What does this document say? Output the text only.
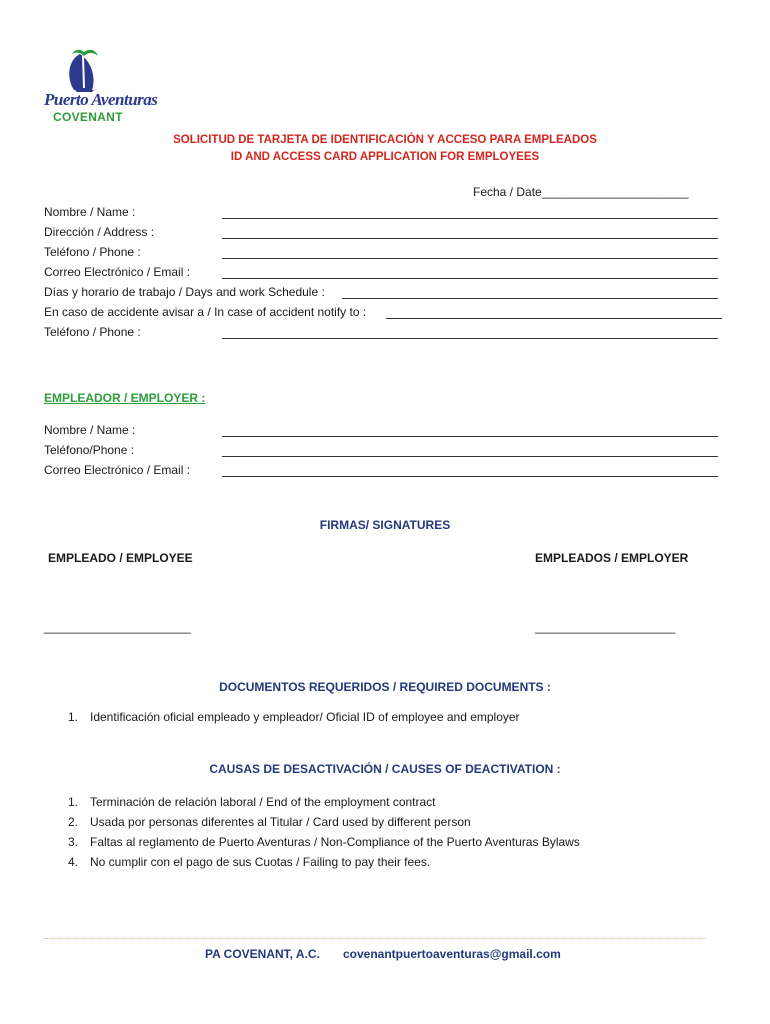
Puerto Aventuras
COVENANT
SOLICITUD DE TARJETA DE IDENTIFICACIÓN Y ACCESO PARA EMPLEADOS
ID AND ACCESS CARD APPLICATION FOR EMPLOYEES
Fecha / Date______________________
Nombre / Name :
Dirección / Address :
Teléfono / Phone :
Correo Electrónico / Email :
Días y horario de trabajo / Days and work Schedule :
En caso de accidente avisar a / In case of accident notify to :
Teléfono / Phone :
EMPLEADOR / EMPLOYER :
Nombre / Name :
Teléfono/Phone :
Correo Electrónico / Email :
FIRMAS/ SIGNATURES
EMPLEADO / EMPLOYEE	EMPLEADOS / EMPLOYER
______________________	_____________________
DOCUMENTOS REQUERIDOS / REQUIRED DOCUMENTS :
1. Identificación oficial empleado y empleador/ Oficial ID of employee and employer
CAUSAS DE DESACTIVACIÓN / CAUSES OF DEACTIVATION :
1. Terminación de relación laboral / End of the employment contract
2. Usada por personas diferentes al Titular / Card used by different person
3. Faltas al reglamento de Puerto Aventuras / Non-Compliance of the Puerto Aventuras Bylaws
4. No cumplir con el pago de sus Cuotas / Failing to pay their fees.
PA COVENANT, A.C. covenantpuertoaventuras@gmail.com
